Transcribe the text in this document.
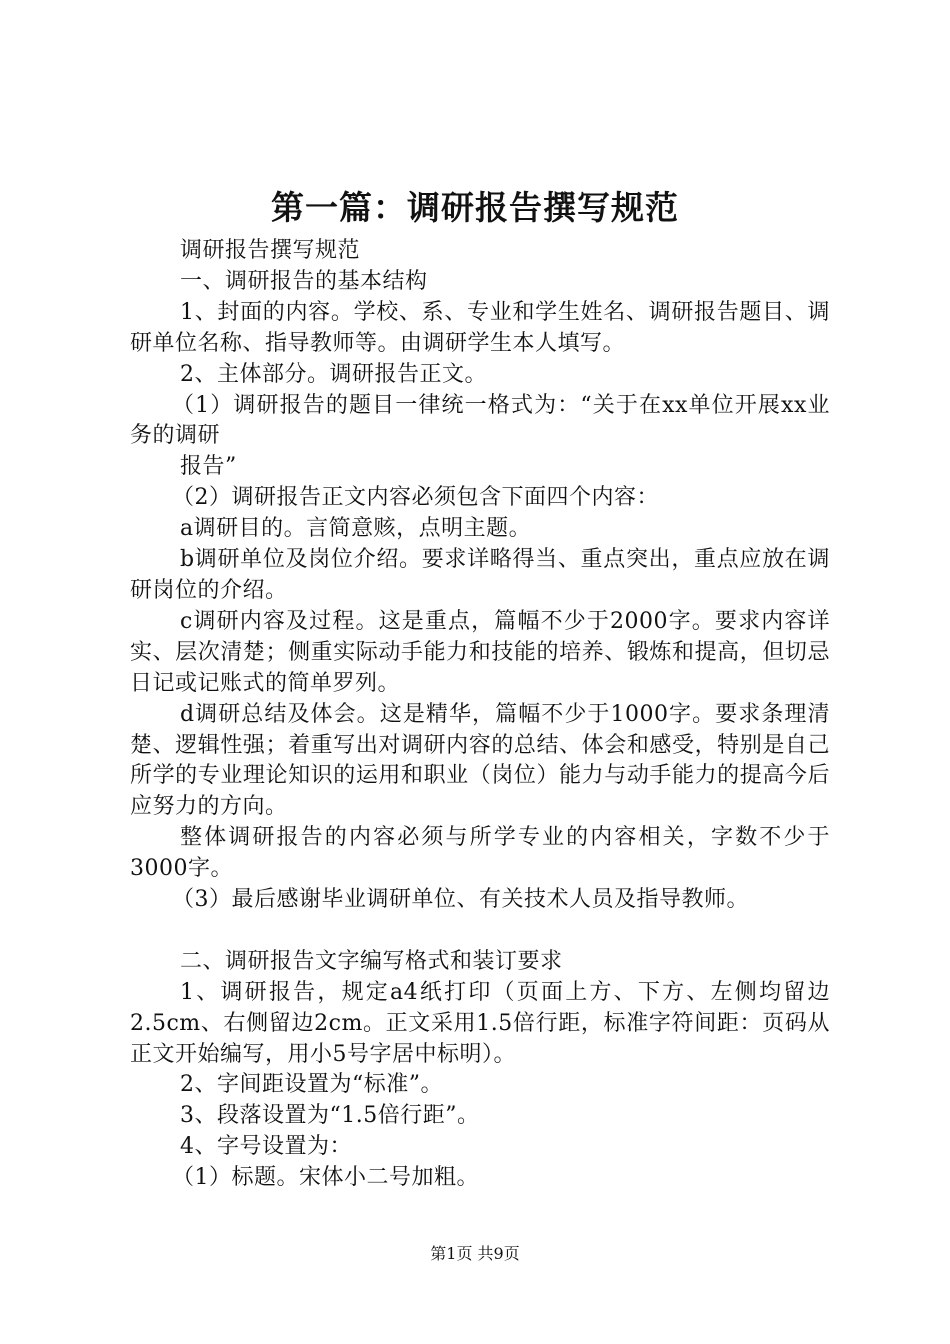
第一篇：调研报告撰写规范

调研报告撰写规范

一、调研报告的基本结构

1、封面的内容。学校、系、专业和学生姓名、调研报告题目、调研单位名称、指导教师等。由调研学生本人填写。

2、主体部分。调研报告正文。

（1）调研报告的题目一律统一格式为：“关于在xx单位开展xx业务的调研

报告”

（2）调研报告正文内容必须包含下面四个内容：

a调研目的。言简意赅，点明主题。

b调研单位及岗位介绍。要求详略得当、重点突出，重点应放在调研岗位的介绍。

c调研内容及过程。这是重点，篇幅不少于2000字。要求内容详实、层次清楚；侧重实际动手能力和技能的培养、锻炼和提高，但切忌日记或记账式的简单罗列。

d调研总结及体会。这是精华，篇幅不少于1000字。要求条理清楚、逻辑性强；着重写出对调研内容的总结、体会和感受，特别是自己所学的专业理论知识的运用和职业（岗位）能力与动手能力的提高今后应努力的方向。

整体调研报告的内容必须与所学专业的内容相关，字数不少于3000字。

（3）最后感谢毕业调研单位、有关技术人员及指导教师。

二、调研报告文字编写格式和装订要求

1、调研报告，规定a4纸打印（页面上方、下方、左侧均留边2.5cm、右侧留边2cm。正文采用1.5倍行距，标准字符间距：页码从正文开始编写，用小5号字居中标明）。

2、字间距设置为“标准”。

3、段落设置为“1.5倍行距”。

4、字号设置为：

（1）标题。宋体小二号加粗。

第1页 共9页
